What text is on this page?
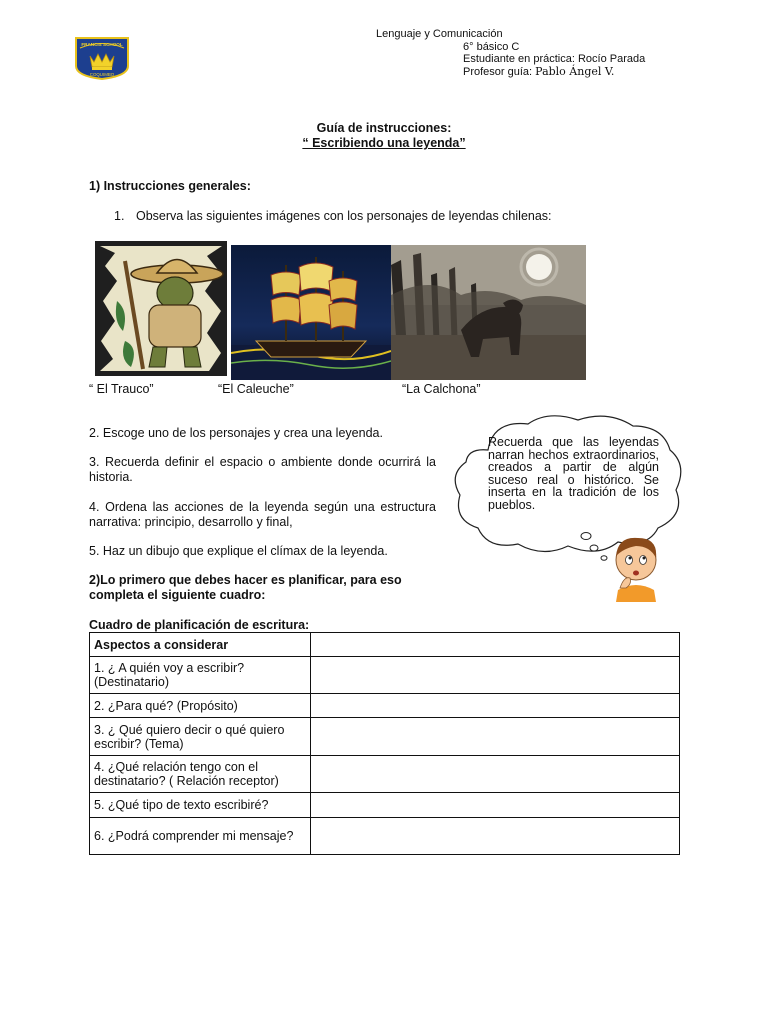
FRANCIS SCHOOL
COQUIMBO
Lenguaje y Comunicación
6° básico C
Estudiante en práctica: Rocío Parada
Profesor guía: Pablo Ángel V.
Guía de instrucciones:
“ Escribiendo una leyenda”
1) Instrucciones generales:
1. Observa las siguientes imágenes con los personajes de leyendas chilenas:
“ El Trauco”	“El Caleuche”	“La Calchona”
2. Escoge uno de los personajes y crea una leyenda.
3. Recuerda definir el espacio o ambiente donde ocurrirá la historia.
4. Ordena las acciones de la leyenda según una estructura narrativa: principio, desarrollo y final,
5. Haz un dibujo que explique el clímax de la leyenda.
Recuerda que las leyendas narran hechos extraordinarios, creados a partir de algún suceso real o histórico. Se inserta en la tradición de los pueblos.
2)Lo primero que debes hacer es planificar, para eso
completa el siguiente cuadro:
Cuadro de planificación de escritura:
Aspectos a considerar	
1. ¿ A quién voy a escribir? (Destinatario)	
2. ¿Para qué? (Propósito)	
3. ¿ Qué quiero decir o qué quiero escribir? (Tema)	
4. ¿Qué relación tengo con el destinatario? ( Relación receptor)	
5. ¿Qué tipo de texto escribiré?	
6. ¿Podrá comprender mi mensaje?	
